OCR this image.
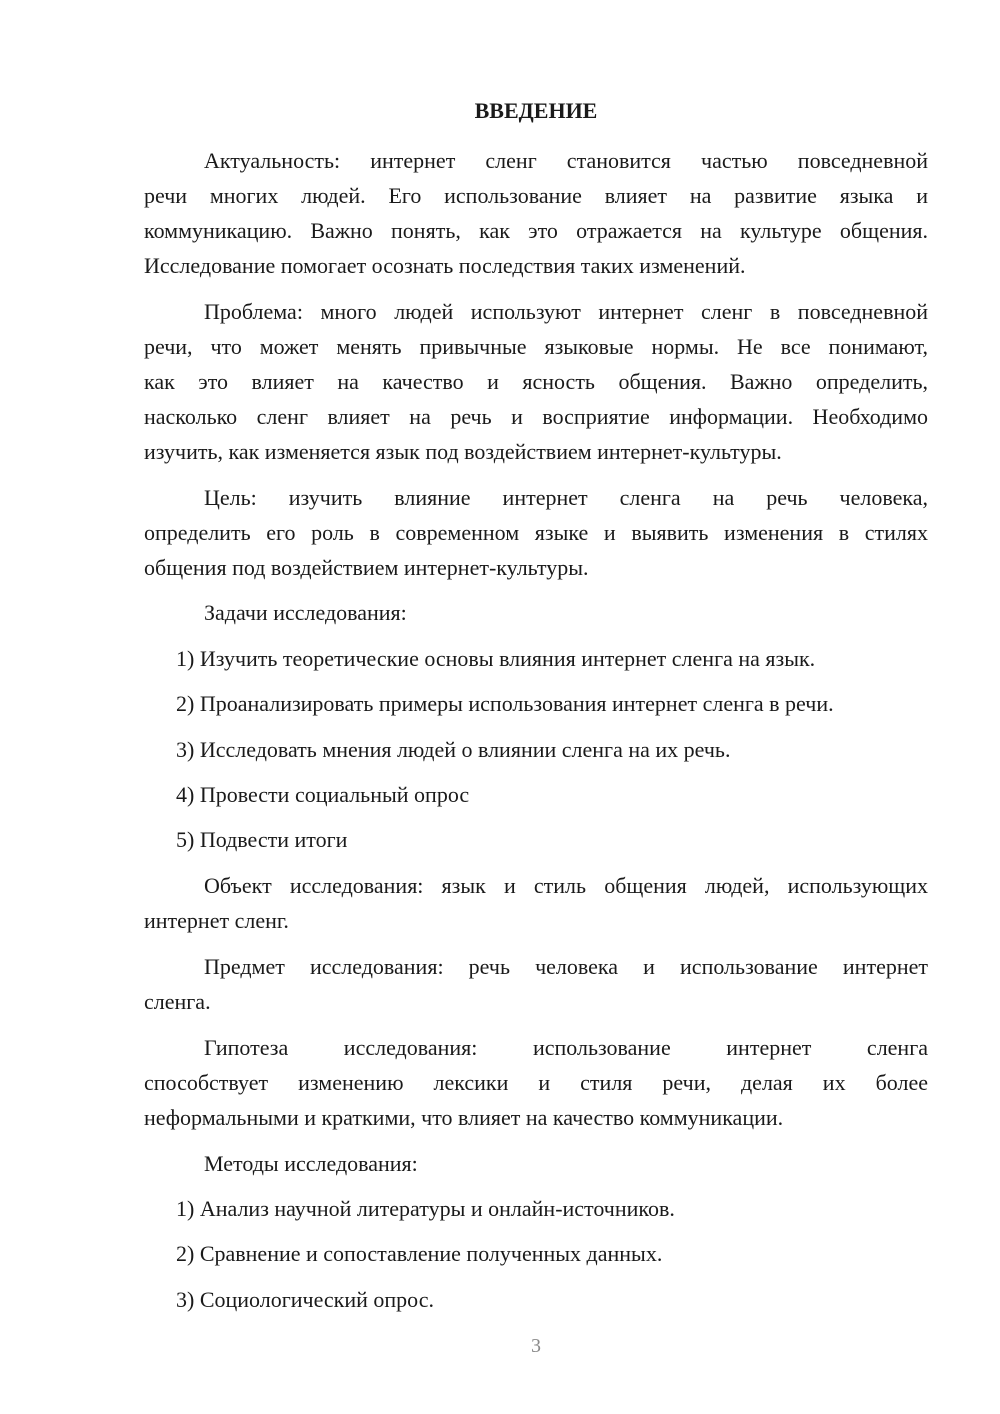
ВВЕДЕНИЕ
Актуальность: интернет сленг становится частью повседневной
речи многих людей. Его использование влияет на развитие языка и
коммуникацию. Важно понять, как это отражается на культуре общения.
Исследование помогает осознать последствия таких изменений.
Проблема: много людей используют интернет сленг в повседневной
речи, что может менять привычные языковые нормы. Не все понимают,
как это влияет на качество и ясность общения. Важно определить,
насколько сленг влияет на речь и восприятие информации. Необходимо
изучить, как изменяется язык под воздействием интернет-культуры.
Цель: изучить влияние интернет сленга на речь человека,
определить его роль в современном языке и выявить изменения в стилях
общения под воздействием интернет-культуры.
Задачи исследования:
1) Изучить теоретические основы влияния интернет сленга на язык.
2) Проанализировать примеры использования интернет сленга в речи.
3) Исследовать мнения людей о влиянии сленга на их речь.
4) Провести социальный опрос
5) Подвести итоги
Объект исследования: язык и стиль общения людей, использующих
интернет сленг.
Предмет исследования: речь человека и использование интернет
сленга.
Гипотеза исследования: использование интернет сленга
способствует изменению лексики и стиля речи, делая их более
неформальными и краткими, что влияет на качество коммуникации.
Методы исследования:
1) Анализ научной литературы и онлайн-источников.
2) Сравнение и сопоставление полученных данных.
3) Социологический опрос.
3
